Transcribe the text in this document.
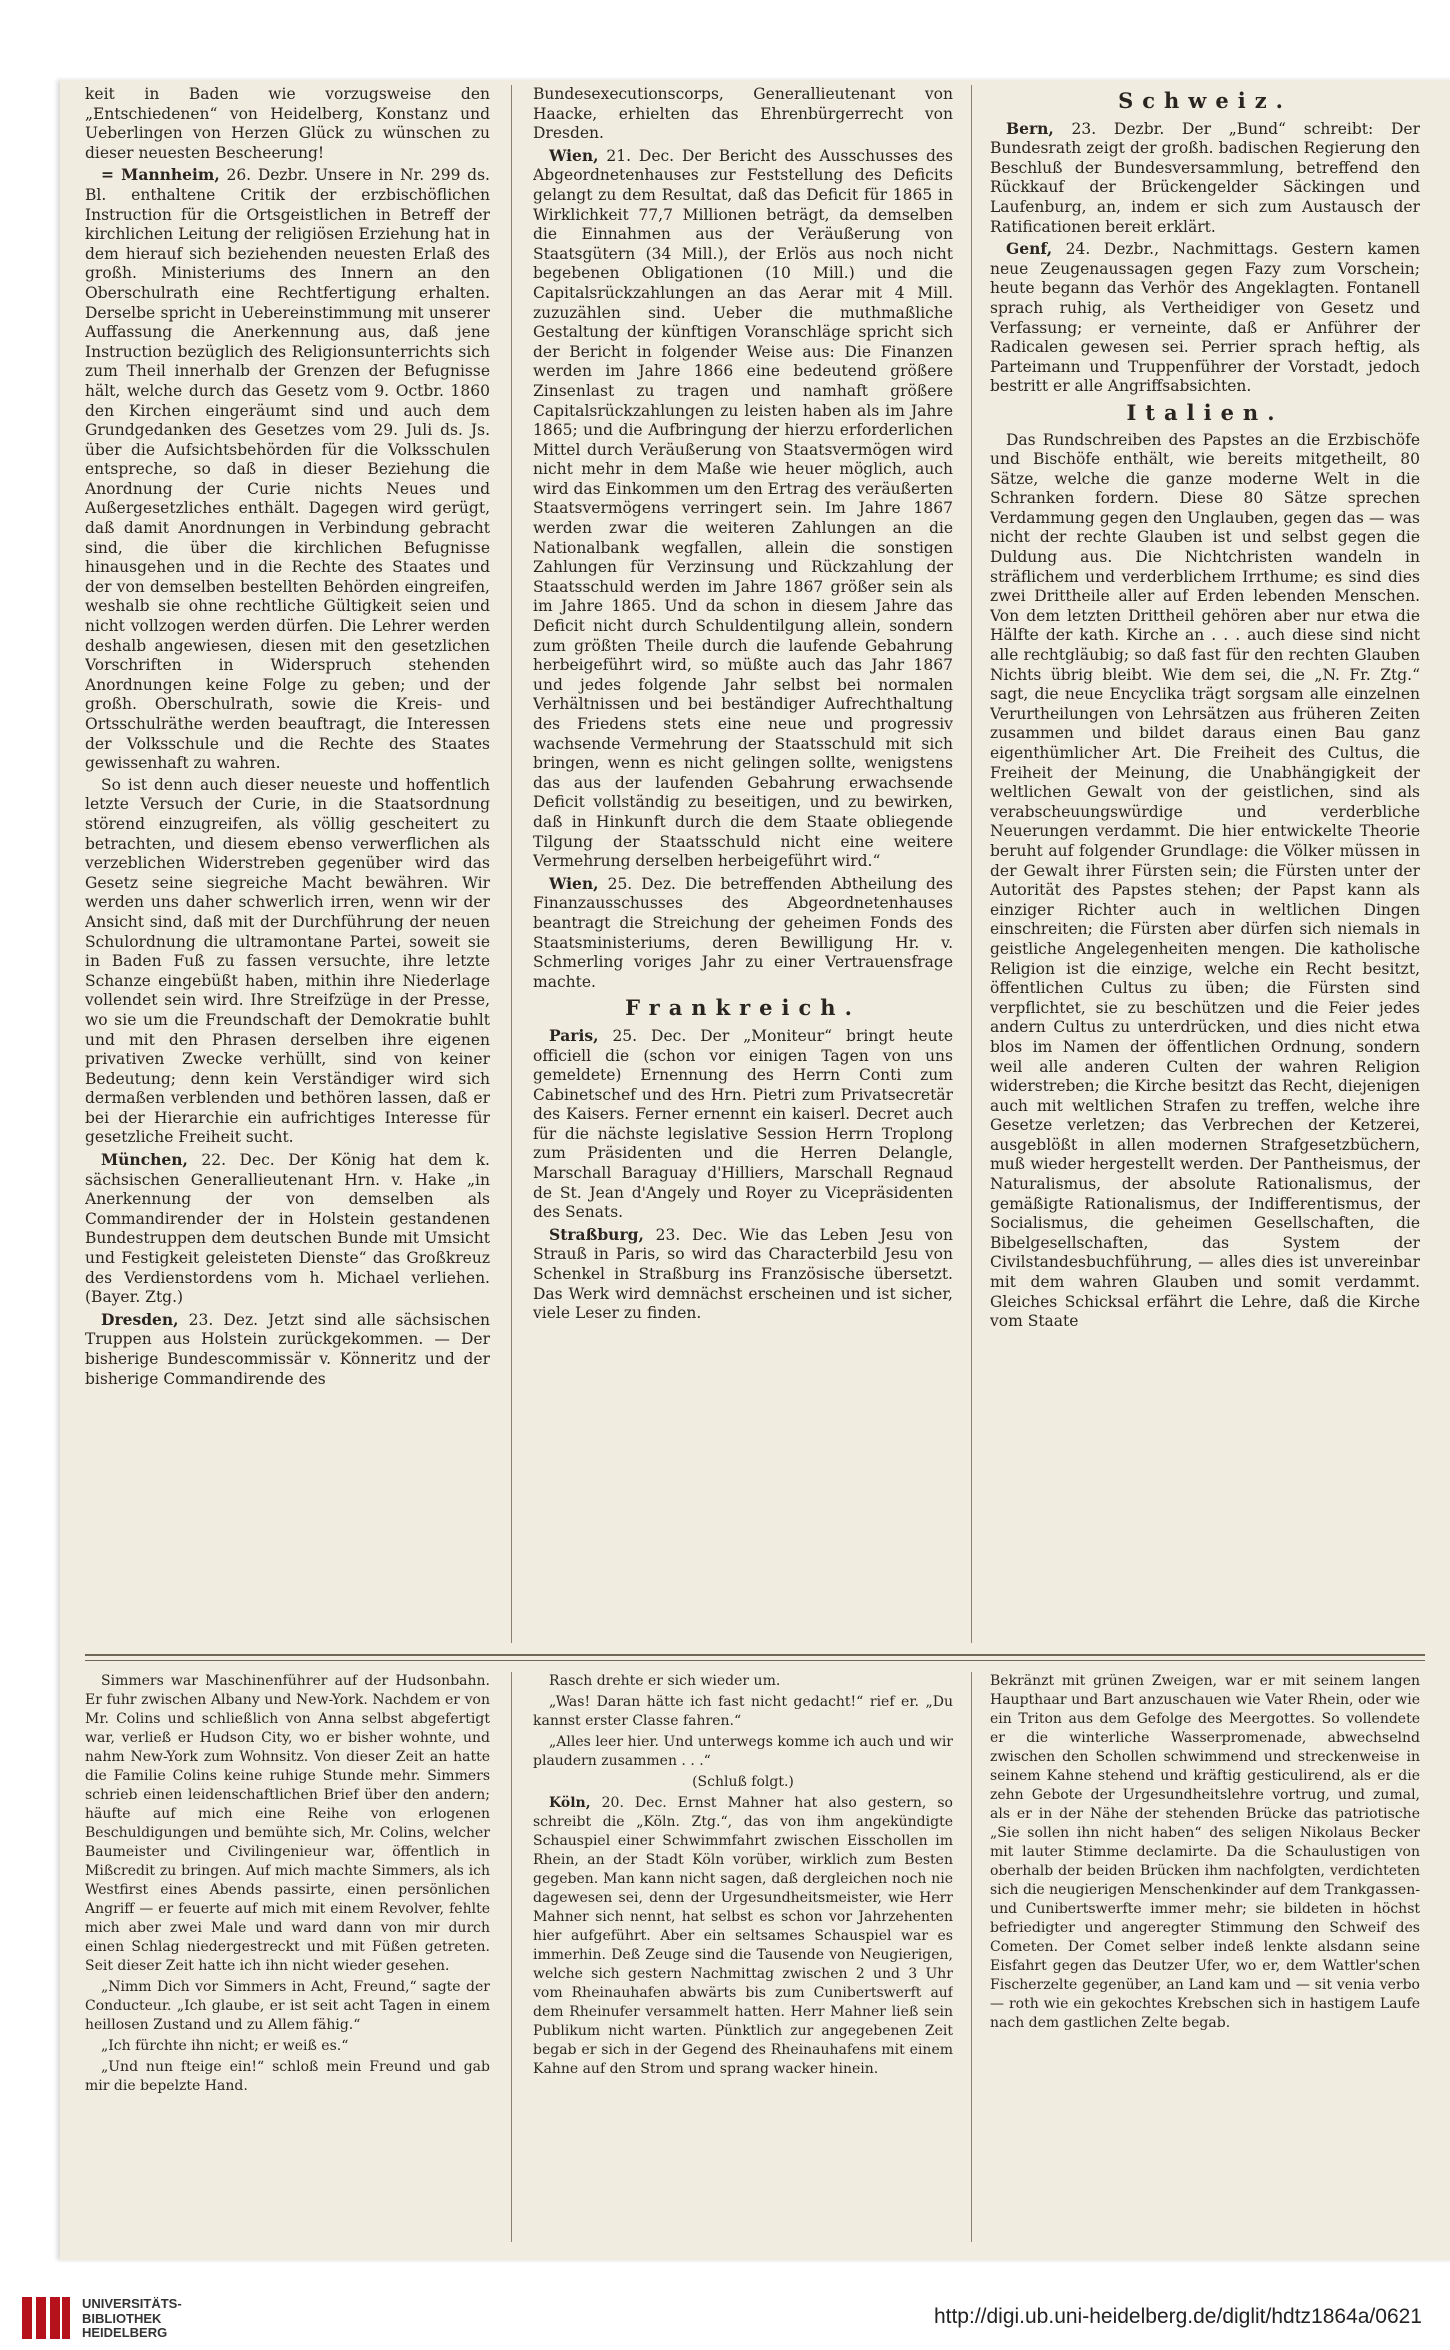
keit in Baden wie vorzugsweise den „Entschiedenen“ von Heidelberg, Konstanz und Ueberlingen von Herzen Glück zu wünschen zu dieser neuesten Bescheerung!

= Mannheim, 26. Dezbr. Unsere in Nr. 299 ds. Bl. enthaltene Critik der erzbischöflichen Instruction für die Ortsgeistlichen in Betreff der kirchlichen Leitung der religiösen Erziehung hat in dem hierauf sich beziehenden neuesten Erlaß des großh. Ministeriums des Innern an den Oberschulrath eine Rechtfertigung erhalten. Derselbe spricht in Uebereinstimmung mit unserer Auffassung die Anerkennung aus, daß jene Instruction bezüglich des Religionsunterrichts sich zum Theil innerhalb der Grenzen der Befugnisse hält, welche durch das Gesetz vom 9. Octbr. 1860 den Kirchen eingeräumt sind und auch dem Grundgedanken des Gesetzes vom 29. Juli ds. Js. über die Aufsichtsbehörden für die Volksschulen entspreche, so daß in dieser Beziehung die Anordnung der Curie nichts Neues und Außergesetzliches enthält. Dagegen wird gerügt, daß damit Anordnungen in Verbindung gebracht sind, die über die kirchlichen Befugnisse hinausgehen und in die Rechte des Staates und der von demselben bestellten Behörden eingreifen, weshalb sie ohne rechtliche Gültigkeit seien und nicht vollzogen werden dürfen. Die Lehrer werden deshalb angewiesen, diesen mit den gesetzlichen Vorschriften in Widerspruch stehenden Anordnungen keine Folge zu geben; und der großh. Oberschulrath, sowie die Kreis- und Ortsschulräthe werden beauftragt, die Interessen der Volksschule und die Rechte des Staates gewissenhaft zu wahren.

So ist denn auch dieser neueste und hoffentlich letzte Versuch der Curie, in die Staatsordnung störend einzugreifen, als völlig gescheitert zu betrachten, und diesem ebenso verwerflichen als verzeblichen Widerstreben gegenüber wird das Gesetz seine siegreiche Macht bewähren. Wir werden uns daher schwerlich irren, wenn wir der Ansicht sind, daß mit der Durchführung der neuen Schulordnung die ultramontane Partei, soweit sie in Baden Fuß zu fassen versuchte, ihre letzte Schanze eingebüßt haben, mithin ihre Niederlage vollendet sein wird. Ihre Streifzüge in der Presse, wo sie um die Freundschaft der Demokratie buhlt und mit den Phrasen derselben ihre eigenen privativen Zwecke verhüllt, sind von keiner Bedeutung; denn kein Verständiger wird sich dermaßen verblenden und bethören lassen, daß er bei der Hierarchie ein aufrichtiges Interesse für gesetzliche Freiheit sucht.

München, 22. Dec. Der König hat dem k. sächsischen Generallieutenant Hrn. v. Hake „in Anerkennung der von demselben als Commandirender der in Holstein gestandenen Bundestruppen dem deutschen Bunde mit Umsicht und Festigkeit geleisteten Dienste“ das Großkreuz des Verdienstordens vom h. Michael verliehen. (Bayer. Ztg.)

Dresden, 23. Dez. Jetzt sind alle sächsischen Truppen aus Holstein zurückgekommen. — Der bisherige Bundescommissär v. Könneritz und der bisherige Commandirende des

Bundesexecutionscorps, Generallieutenant von Haacke, erhielten das Ehrenbürgerrecht von Dresden.

Wien, 21. Dec. Der Bericht des Ausschusses des Abgeordnetenhauses zur Feststellung des Deficits gelangt zu dem Resultat, daß das Deficit für 1865 in Wirklichkeit 77,7 Millionen beträgt, da demselben die Einnahmen aus der Veräußerung von Staatsgütern (34 Mill.), der Erlös aus noch nicht begebenen Obligationen (10 Mill.) und die Capitalsrückzahlungen an das Aerar mit 4 Mill. zuzuzählen sind. Ueber die muthmaßliche Gestaltung der künftigen Voranschläge spricht sich der Bericht in folgender Weise aus: Die Finanzen werden im Jahre 1866 eine bedeutend größere Zinsenlast zu tragen und namhaft größere Capitalsrückzahlungen zu leisten haben als im Jahre 1865; und die Aufbringung der hierzu erforderlichen Mittel durch Veräußerung von Staatsvermögen wird nicht mehr in dem Maße wie heuer möglich, auch wird das Einkommen um den Ertrag des veräußerten Staatsvermögens verringert sein. Im Jahre 1867 werden zwar die weiteren Zahlungen an die Nationalbank wegfallen, allein die sonstigen Zahlungen für Verzinsung und Rückzahlung der Staatsschuld werden im Jahre 1867 größer sein als im Jahre 1865. Und da schon in diesem Jahre das Deficit nicht durch Schuldentilgung allein, sondern zum größten Theile durch die laufende Gebahrung herbeigeführt wird, so müßte auch das Jahr 1867 und jedes folgende Jahr selbst bei normalen Verhältnissen und bei beständiger Aufrechthaltung des Friedens stets eine neue und progressiv wachsende Vermehrung der Staatsschuld mit sich bringen, wenn es nicht gelingen sollte, wenigstens das aus der laufenden Gebahrung erwachsende Deficit vollständig zu beseitigen, und zu bewirken, daß in Hinkunft durch die dem Staate obliegende Tilgung der Staatsschuld nicht eine weitere Vermehrung derselben herbeigeführt wird.“

Wien, 25. Dez. Die betreffenden Abtheilung des Finanzausschusses des Abgeordnetenhauses beantragt die Streichung der geheimen Fonds des Staatsministeriums, deren Bewilligung Hr. v. Schmerling voriges Jahr zu einer Vertrauensfrage machte.

Frankreich.

Paris, 25. Dec. Der „Moniteur“ bringt heute officiell die (schon vor einigen Tagen von uns gemeldete) Ernennung des Herrn Conti zum Cabinetschef und des Hrn. Pietri zum Privatsecretär des Kaisers. Ferner ernennt ein kaiserl. Decret auch für die nächste legislative Session Herrn Troplong zum Präsidenten und die Herren Delangle, Marschall Baraguay d'Hilliers, Marschall Regnaud de St. Jean d'Angely und Royer zu Vicepräsidenten des Senats.

Straßburg, 23. Dec. Wie das Leben Jesu von Strauß in Paris, so wird das Characterbild Jesu von Schenkel in Straßburg ins Französische übersetzt. Das Werk wird demnächst erscheinen und ist sicher, viele Leser zu finden.

Schweiz.

Bern, 23. Dezbr. Der „Bund“ schreibt: Der Bundesrath zeigt der großh. badischen Regierung den Beschluß der Bundesversammlung, betreffend den Rückkauf der Brückengelder Säckingen und Laufenburg, an, indem er sich zum Austausch der Ratificationen bereit erklärt.

Genf, 24. Dezbr., Nachmittags. Gestern kamen neue Zeugenaussagen gegen Fazy zum Vorschein; heute begann das Verhör des Angeklagten. Fontanell sprach ruhig, als Vertheidiger von Gesetz und Verfassung; er verneinte, daß er Anführer der Radicalen gewesen sei. Perrier sprach heftig, als Parteimann und Truppenführer der Vorstadt, jedoch bestritt er alle Angriffsabsichten.

Italien.

Das Rundschreiben des Papstes an die Erzbischöfe und Bischöfe enthält, wie bereits mitgetheilt, 80 Sätze, welche die ganze moderne Welt in die Schranken fordern. Diese 80 Sätze sprechen Verdammung gegen den Unglauben, gegen das — was nicht der rechte Glauben ist und selbst gegen die Duldung aus. Die Nichtchristen wandeln in sträflichem und verderblichem Irrthume; es sind dies zwei Drittheile aller auf Erden lebenden Menschen. Von dem letzten Drittheil gehören aber nur etwa die Hälfte der kath. Kirche an . . . auch diese sind nicht alle rechtgläubig; so daß fast für den rechten Glauben Nichts übrig bleibt. Wie dem sei, die „N. Fr. Ztg.“ sagt, die neue Encyclika trägt sorgsam alle einzelnen Verurtheilungen von Lehrsätzen aus früheren Zeiten zusammen und bildet daraus einen Bau ganz eigenthümlicher Art. Die Freiheit des Cultus, die Freiheit der Meinung, die Unabhängigkeit der weltlichen Gewalt von der geistlichen, sind als verabscheuungswürdige und verderbliche Neuerungen verdammt. Die hier entwickelte Theorie beruht auf folgender Grundlage: die Völker müssen in der Gewalt ihrer Fürsten sein; die Fürsten unter der Autorität des Papstes stehen; der Papst kann als einziger Richter auch in weltlichen Dingen einschreiten; die Fürsten aber dürfen sich niemals in geistliche Angelegenheiten mengen. Die katholische Religion ist die einzige, welche ein Recht besitzt, öffentlichen Cultus zu üben; die Fürsten sind verpflichtet, sie zu beschützen und die Feier jedes andern Cultus zu unterdrücken, und dies nicht etwa blos im Namen der öffentlichen Ordnung, sondern weil alle anderen Culten der wahren Religion widerstreben; die Kirche besitzt das Recht, diejenigen auch mit weltlichen Strafen zu treffen, welche ihre Gesetze verletzen; das Verbrechen der Ketzerei, ausgeblößt in allen modernen Strafgesetzbüchern, muß wieder hergestellt werden. Der Pantheismus, der Naturalismus, der absolute Rationalismus, der gemäßigte Rationalismus, der Indifferentismus, der Socialismus, die geheimen Gesellschaften, die Bibelgesellschaften, das System der Civilstandesbuchführung, — alles dies ist unvereinbar mit dem wahren Glauben und somit verdammt. Gleiches Schicksal erfährt die Lehre, daß die Kirche vom Staate

Simmers war Maschinenführer auf der Hudsonbahn. Er fuhr zwischen Albany und New-York. Nachdem er von Mr. Colins und schließlich von Anna selbst abgefertigt war, verließ er Hudson City, wo er bisher wohnte, und nahm New-York zum Wohnsitz. Von dieser Zeit an hatte die Familie Colins keine ruhige Stunde mehr. Simmers schrieb einen leidenschaftlichen Brief über den andern; häufte auf mich eine Reihe von erlogenen Beschuldigungen und bemühte sich, Mr. Colins, welcher Baumeister und Civilingenieur war, öffentlich in Mißcredit zu bringen. Auf mich machte Simmers, als ich Westfirst eines Abends passirte, einen persönlichen Angriff — er feuerte auf mich mit einem Revolver, fehlte mich aber zwei Male und ward dann von mir durch einen Schlag niedergestreckt und mit Füßen getreten. Seit dieser Zeit hatte ich ihn nicht wieder gesehen.

„Nimm Dich vor Simmers in Acht, Freund,“ sagte der Conducteur. „Ich glaube, er ist seit acht Tagen in einem heillosen Zustand und zu Allem fähig.“

„Ich fürchte ihn nicht; er weiß es.“

„Und nun fteige ein!“ schloß mein Freund und gab mir die bepelzte Hand.

Rasch drehte er sich wieder um.

„Was! Daran hätte ich fast nicht gedacht!“ rief er. „Du kannst erster Classe fahren.“

„Alles leer hier. Und unterwegs komme ich auch und wir plaudern zusammen . . .“

(Schluß folgt.)

Köln, 20. Dec. Ernst Mahner hat also gestern, so schreibt die „Köln. Ztg.“, das von ihm angekündigte Schauspiel einer Schwimmfahrt zwischen Eisschollen im Rhein, an der Stadt Köln vorüber, wirklich zum Besten gegeben. Man kann nicht sagen, daß dergleichen noch nie dagewesen sei, denn der Urgesundheitsmeister, wie Herr Mahner sich nennt, hat selbst es schon vor Jahrzehenten hier aufgeführt. Aber ein seltsames Schauspiel war es immerhin. Deß Zeuge sind die Tausende von Neugierigen, welche sich gestern Nachmittag zwischen 2 und 3 Uhr vom Rheinauhafen abwärts bis zum Cunibertswerft auf dem Rheinufer versammelt hatten. Herr Mahner ließ sein Publikum nicht warten. Pünktlich zur angegebenen Zeit begab er sich in der Gegend des Rheinauhafens mit einem Kahne auf den Strom und sprang wacker hinein.

Bekränzt mit grünen Zweigen, war er mit seinem langen Haupthaar und Bart anzuschauen wie Vater Rhein, oder wie ein Triton aus dem Gefolge des Meergottes. So vollendete er die winterliche Wasserpromenade, abwechselnd zwischen den Schollen schwimmend und streckenweise in seinem Kahne stehend und kräftig gesticulirend, als er die zehn Gebote der Urgesundheitslehre vortrug, und zumal, als er in der Nähe der stehenden Brücke das patriotische „Sie sollen ihn nicht haben“ des seligen Nikolaus Becker mit lauter Stimme declamirte. Da die Schaulustigen von oberhalb der beiden Brücken ihm nachfolgten, verdichteten sich die neugierigen Menschenkinder auf dem Trankgassen- und Cunibertswerfte immer mehr; sie bildeten in höchst befriedigter und angeregter Stimmung den Schweif des Cometen. Der Comet selber indeß lenkte alsdann seine Eisfahrt gegen das Deutzer Ufer, wo er, dem Wattler'schen Fischerzelte gegenüber, an Land kam und — sit venia verbo — roth wie ein gekochtes Krebschen sich in hastigem Laufe nach dem gastlichen Zelte begab.

UNIVERSITÄTS-
BIBLIOTHEK
HEIDELBERG
http://digi.ub.uni-heidelberg.de/diglit/hdtz1864a/0621
